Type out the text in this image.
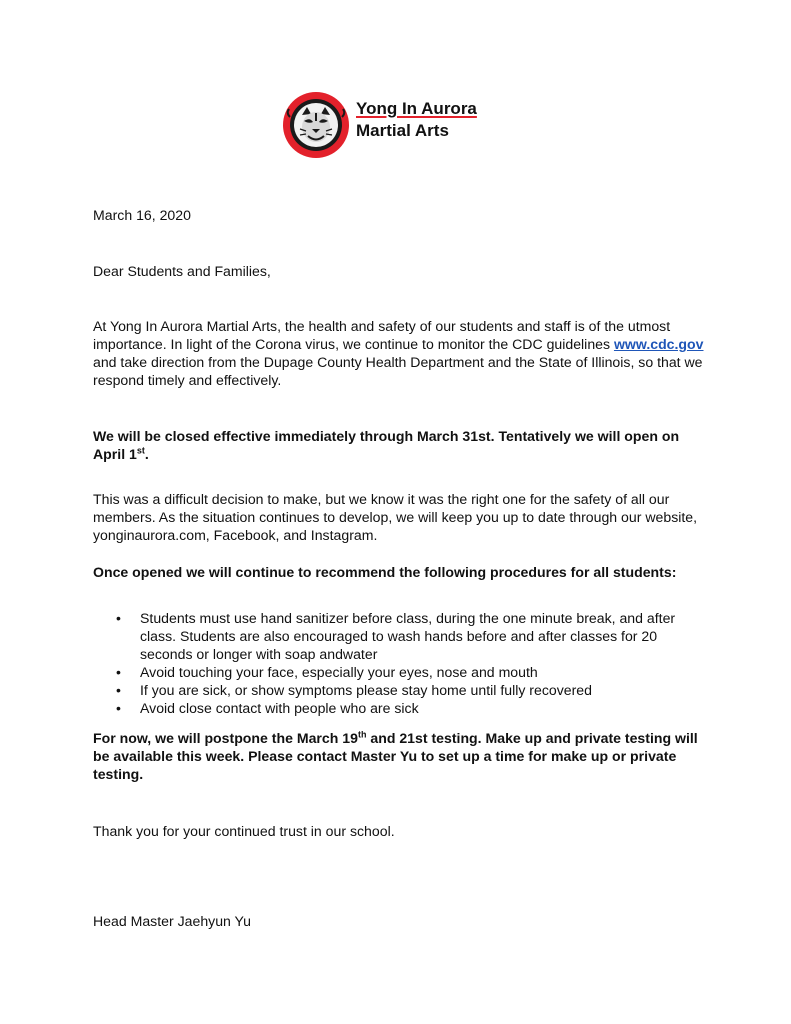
Yong In Aurora
Martial Arts

March 16, 2020

Dear Students and Families,

At Yong In Aurora Martial Arts, the health and safety of our students and staff is of the utmost importance. In light of the Corona virus, we continue to monitor the CDC guidelines www.cdc.gov and take direction from the Dupage County Health Department and the State of Illinois, so that we respond timely and effectively.

We will be closed effective immediately through March 31st. Tentatively we will open on April 1st.

This was a difficult decision to make, but we know it was the right one for the safety of all our members. As the situation continues to develop, we will keep you up to date through our website, yonginaurora.com, Facebook, and Instagram.

Once opened we will continue to recommend the following procedures for all students:

• Students must use hand sanitizer before class, during the one minute break, and after class. Students are also encouraged to wash hands before and after classes for 20 seconds or longer with soap andwater
• Avoid touching your face, especially your eyes, nose and mouth
• If you are sick, or show symptoms please stay home until fully recovered
• Avoid close contact with people who are sick

For now, we will postpone the March 19th and 21st testing. Make up and private testing will be available this week. Please contact Master Yu to set up a time for make up or private testing.

Thank you for your continued trust in our school.

Head Master Jaehyun Yu
